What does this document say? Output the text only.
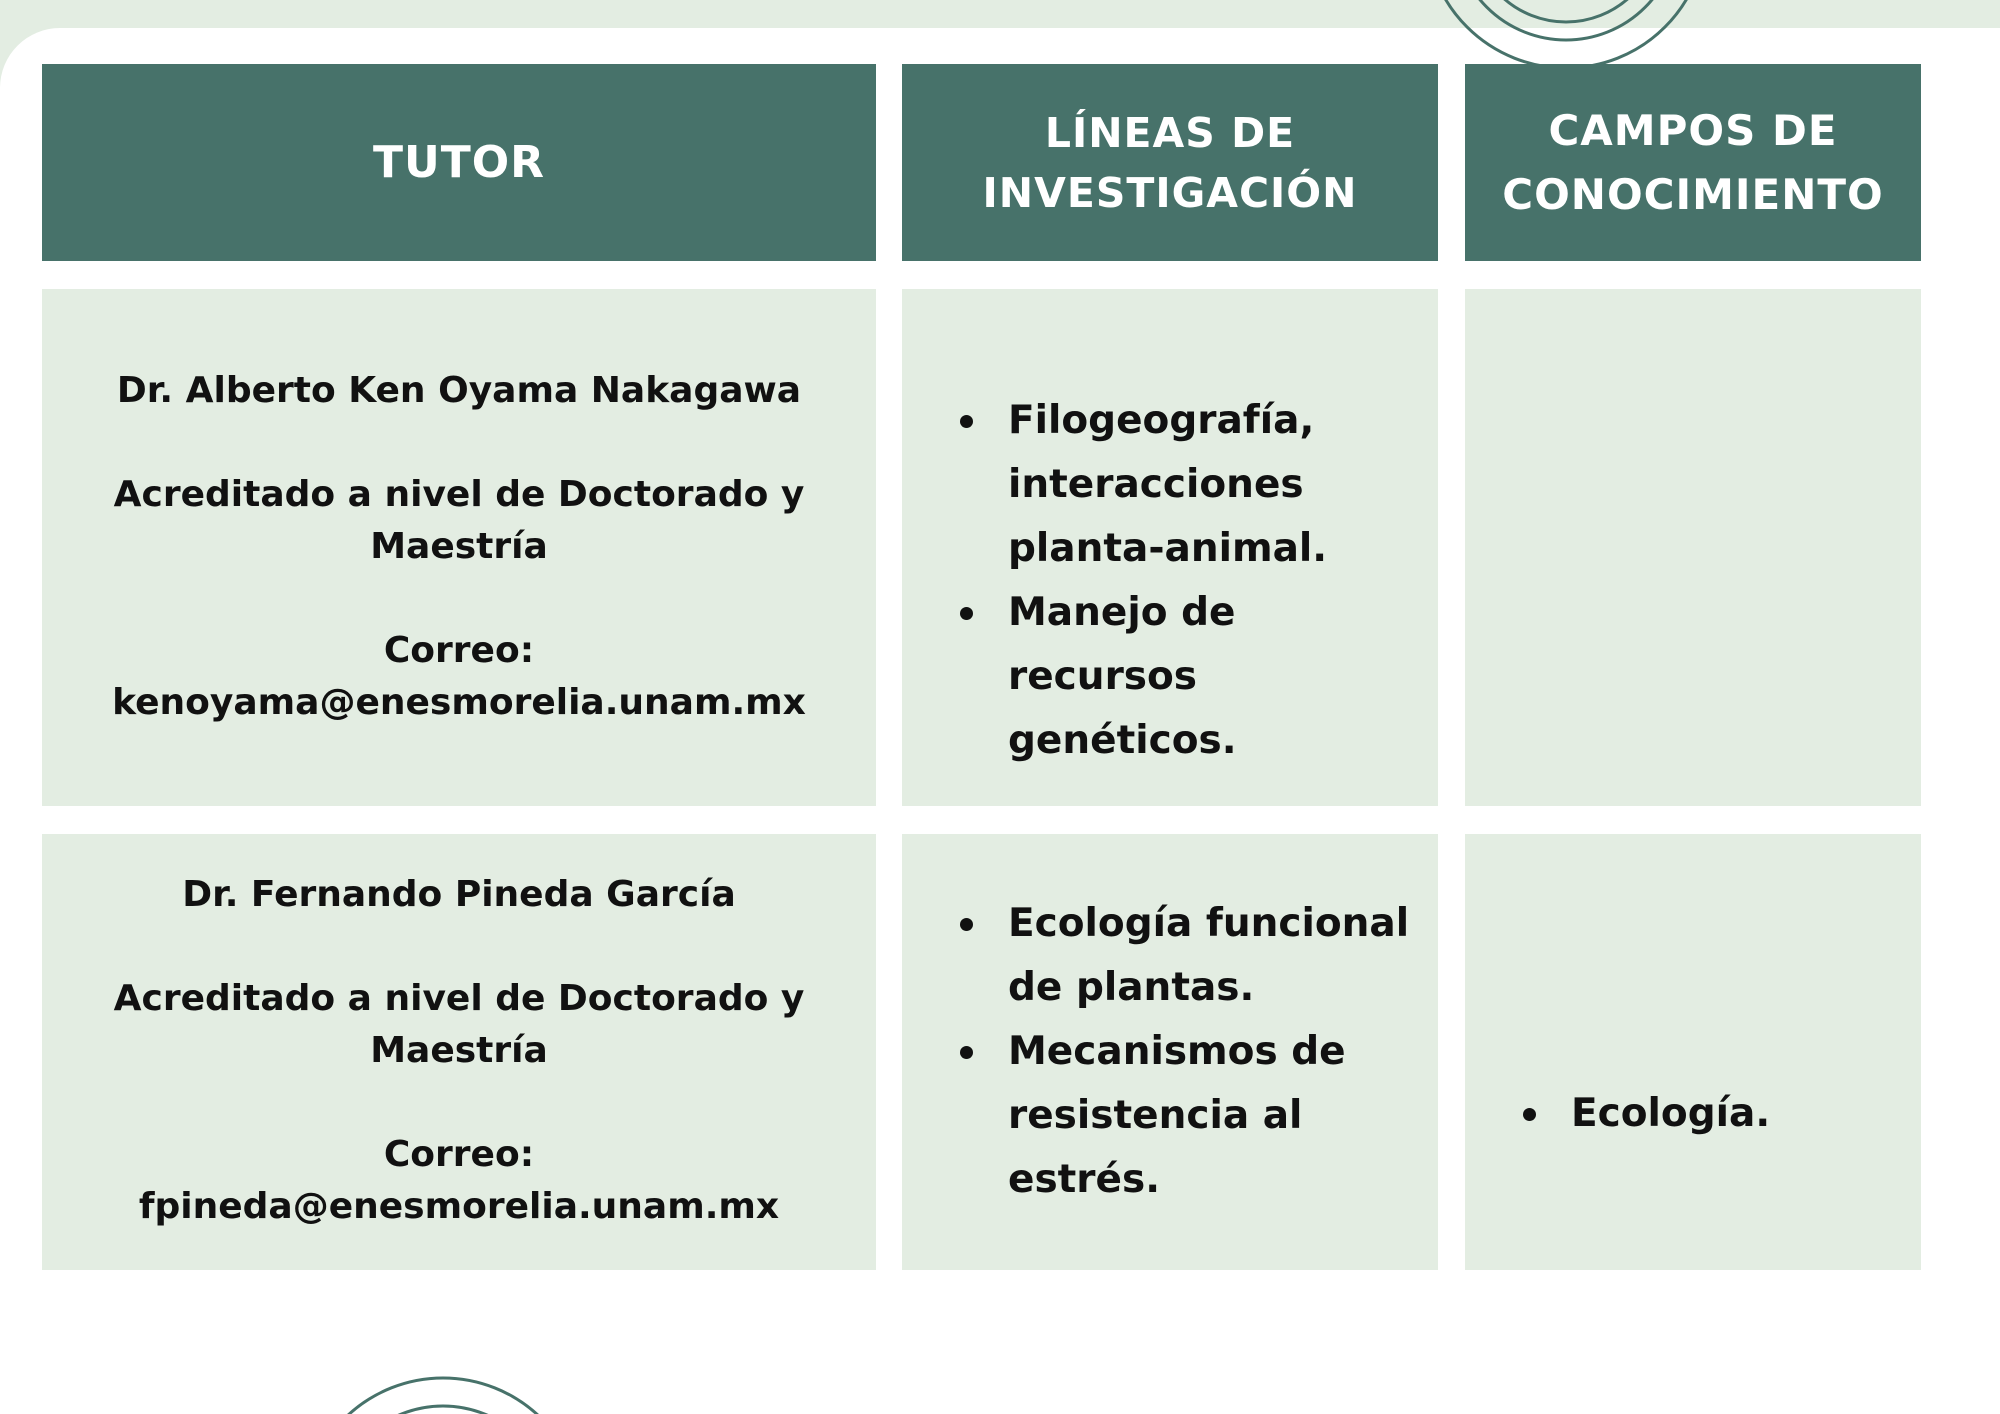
TUTOR
LÍNEAS DE
INVESTIGACIÓN
CAMPOS DE
CONOCIMIENTO
Dr. Alberto Ken Oyama Nakagawa
Acreditado a nivel de Doctorado y Maestría
Correo:
kenoyama@enesmorelia.unam.mx
Filogeografía, interacciones planta-animal.
Manejo de recursos genéticos.
Dr. Fernando Pineda García
Acreditado a nivel de Doctorado y Maestría
Correo:
fpineda@enesmorelia.unam.mx
Ecología funcional de plantas.
Mecanismos de resistencia al estrés.
Ecología.
